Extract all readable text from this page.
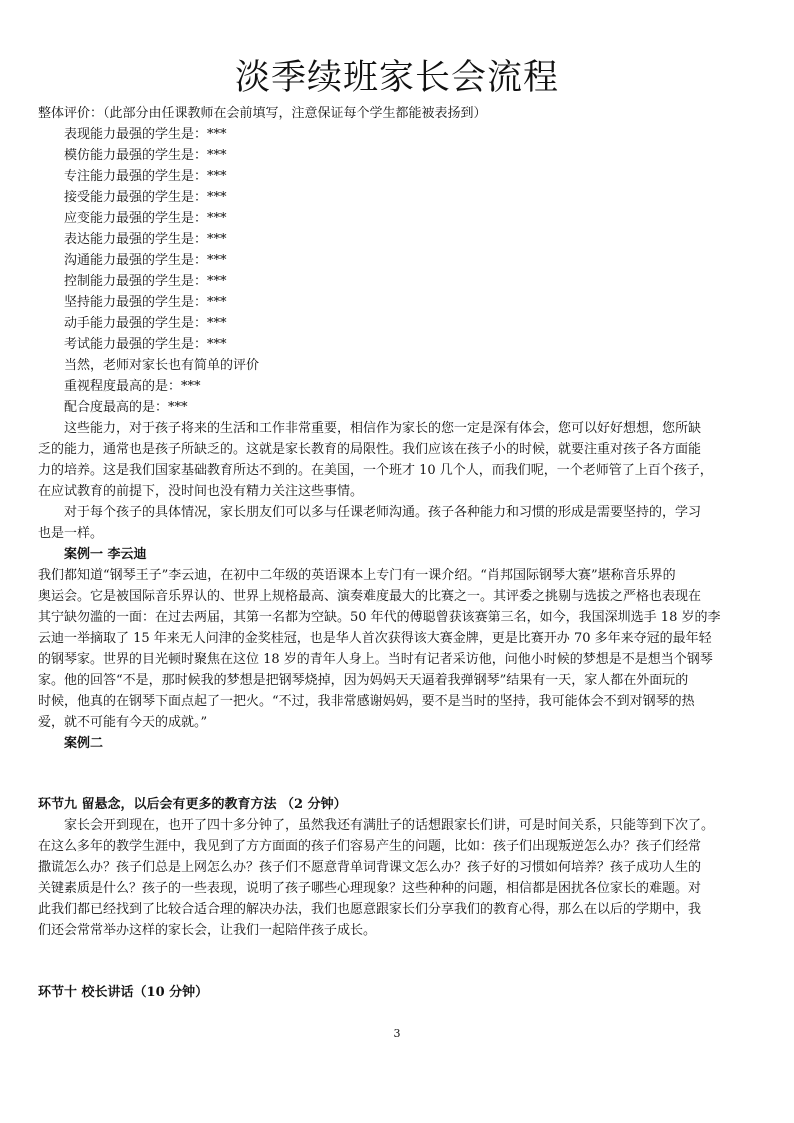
淡季续班家长会流程
整体评价：（此部分由任课教师在会前填写，注意保证每个学生都能被表扬到）
表现能力最强的学生是：***
模仿能力最强的学生是：***
专注能力最强的学生是：***
接受能力最强的学生是：***
应变能力最强的学生是：***
表达能力最强的学生是：***
沟通能力最强的学生是：***
控制能力最强的学生是：***
坚持能力最强的学生是：***
动手能力最强的学生是：***
考试能力最强的学生是：***
当然，老师对家长也有简单的评价
重视程度最高的是：***
配合度最高的是：***
这些能力，对于孩子将来的生活和工作非常重要，相信作为家长的您一定是深有体会，您可以好好想想，您所缺
乏的能力，通常也是孩子所缺乏的。这就是家长教育的局限性。我们应该在孩子小的时候，就要注重对孩子各方面能
力的培养。这是我们国家基础教育所达不到的。在美国，一个班才 10 几个人，而我们呢，一个老师管了上百个孩子，
在应试教育的前提下，没时间也没有精力关注这些事情。
对于每个孩子的具体情况，家长朋友们可以多与任课老师沟通。孩子各种能力和习惯的形成是需要坚持的，学习
也是一样。
案例一 李云迪
我们都知道“钢琴王子”李云迪，在初中二年级的英语课本上专门有一课介绍。“肖邦国际钢琴大赛”堪称音乐界的
奥运会。它是被国际音乐界认的、世界上规格最高、演奏难度最大的比赛之一。其评委之挑剔与选拔之严格也表现在
其宁缺勿滥的一面：在过去两届，其第一名都为空缺。50 年代的傅聪曾获该赛第三名，如今，我国深圳选手 18 岁的李
云迪一举摘取了 15 年来无人问津的金奖桂冠，也是华人首次获得该大赛金牌，更是比赛开办 70 多年来夺冠的最年轻
的钢琴家。世界的目光顿时聚焦在这位 18 岁的青年人身上。当时有记者采访他，问他小时候的梦想是不是想当个钢琴
家。他的回答“不是，那时候我的梦想是把钢琴烧掉，因为妈妈天天逼着我弹钢琴”结果有一天，家人都在外面玩的
时候，他真的在钢琴下面点起了一把火。“不过，我非常感谢妈妈，要不是当时的坚持，我可能体会不到对钢琴的热
爱，就不可能有今天的成就。”
案例二
环节九 留悬念，以后会有更多的教育方法 （2 分钟）
家长会开到现在，也开了四十多分钟了，虽然我还有满肚子的话想跟家长们讲，可是时间关系，只能等到下次了。
在这么多年的教学生涯中，我见到了方方面面的孩子们容易产生的问题，比如：孩子们出现叛逆怎么办？孩子们经常
撒谎怎么办？孩子们总是上网怎么办？孩子们不愿意背单词背课文怎么办？孩子好的习惯如何培养？孩子成功人生的
关键素质是什么？孩子的一些表现，说明了孩子哪些心理现象？这些种种的问题，相信都是困扰各位家长的难题。对
此我们都已经找到了比较合适合理的解决办法，我们也愿意跟家长们分享我们的教育心得，那么在以后的学期中，我
们还会常常举办这样的家长会，让我们一起陪伴孩子成长。
环节十 校长讲话（10 分钟）
3
